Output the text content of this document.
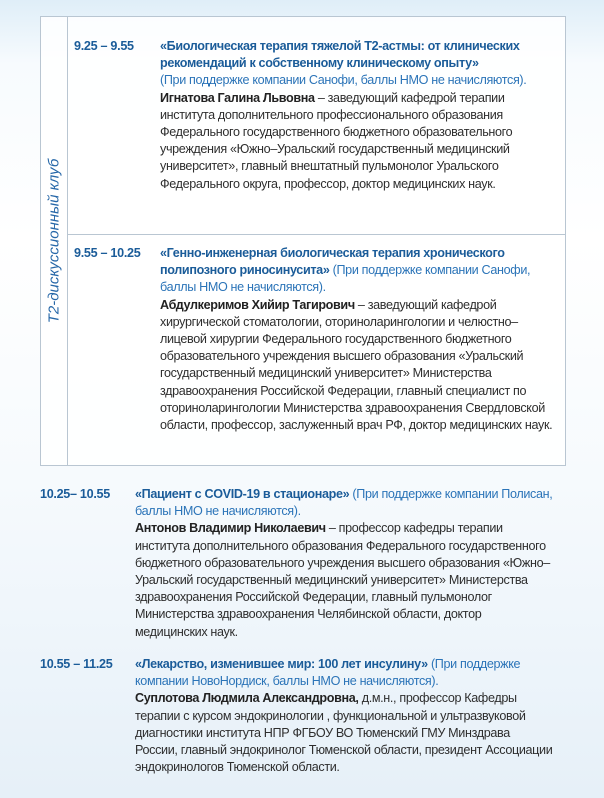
T2-дискуссионный клуб
9.25 – 9.55 «Биологическая терапия тяжелой Т2-астмы: от клинических рекомендаций к собственному клиническому опыту»
(При поддержке компании Санофи, баллы НМО не начисляются).
Игнатова Галина Львовна – заведующий кафедрой терапии института дополнительного профессионального образования Федерального государственного бюджетного образовательного учреждения «Южно–Уральский государственный медицинский университет», главный внештатный пульмонолог Уральского Федерального округа, профессор, доктор медицинских наук.
9.55 – 10.25 «Генно-инженерная биологическая терапия хронического полипозного риносинусита» (При поддержке компании Санофи, баллы НМО не начисляются).
Абдулкеримов Хийир Тагирович – заведующий кафедрой хирургической стоматологии, оториноларингологии и челюстно–лицевой хирургии Федерального государственного бюджетного образовательного учреждения высшего образования «Уральский государственный медицинский университет» Министерства здравоохранения Российской Федерации, главный специалист по оториноларингологии Министерства здравоохранения Свердловской области, профессор, заслуженный врач РФ, доктор медицинских наук.
10.25– 10.55 «Пациент с COVID-19 в стационаре» (При поддержке компании Полисан, баллы НМО не начисляются).
Антонов Владимир Николаевич – профессор кафедры терапии института дополнительного образования Федерального государственного бюджетного образовательного учреждения высшего образования «Южно–Уральский государственный медицинский университет» Министерства здравоохранения Российской Федерации, главный пульмонолог Министерства здравоохранения Челябинской области, доктор медицинских наук.
10.55 – 11.25 «Лекарство, изменившее мир: 100 лет инсулину» (При поддержке компании НовоНордиск, баллы НМО не начисляются).
Суплотова Людмила Александровна, д.м.н., профессор Кафедры терапии с курсом эндокринологии , функциональной и ультразвуковой диагностики института НПР ФГБОУ ВО Тюменский ГМУ Минздрава России, главный эндокринолог Тюменской области, президент Ассоциации эндокринологов Тюменской области.
